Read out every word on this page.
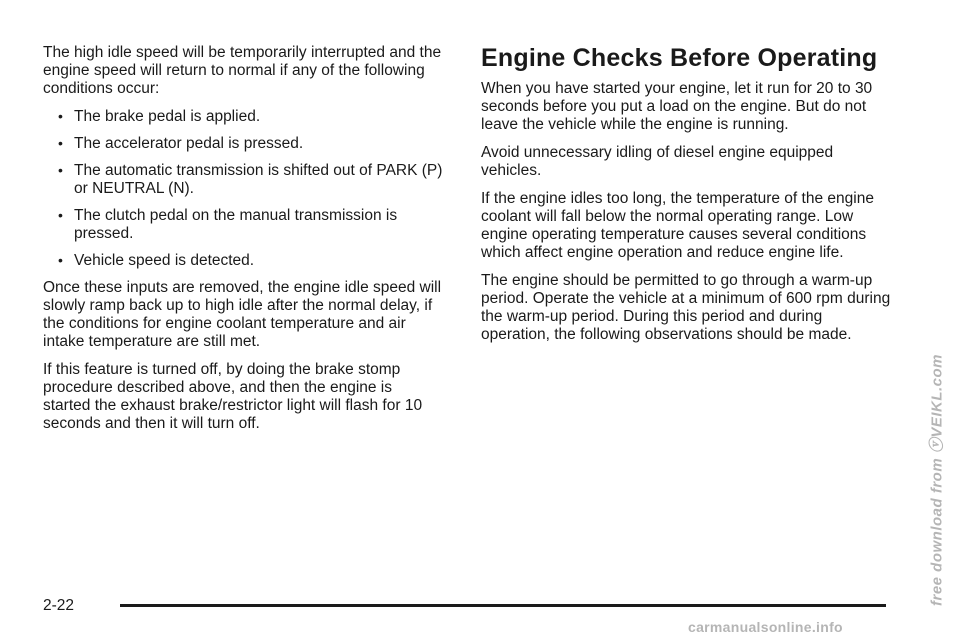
The high idle speed will be temporarily interrupted and the engine speed will return to normal if any of the following conditions occur:

• The brake pedal is applied.
• The accelerator pedal is pressed.
• The automatic transmission is shifted out of PARK (P) or NEUTRAL (N).
• The clutch pedal on the manual transmission is pressed.
• Vehicle speed is detected.

Once these inputs are removed, the engine idle speed will slowly ramp back up to high idle after the normal delay, if the conditions for engine coolant temperature and air intake temperature are still met.

If this feature is turned off, by doing the brake stomp procedure described above, and then the engine is started the exhaust brake/restrictor light will flash for 10 seconds and then it will turn off.

Engine Checks Before Operating

When you have started your engine, let it run for 20 to 30 seconds before you put a load on the engine. But do not leave the vehicle while the engine is running.

Avoid unnecessary idling of diesel engine equipped vehicles.

If the engine idles too long, the temperature of the engine coolant will fall below the normal operating range. Low engine operating temperature causes several conditions which affect engine operation and reduce engine life.

The engine should be permitted to go through a warm-up period. Operate the vehicle at a minimum of 600 rpm during the warm-up period. During this period and during operation, the following observations should be made.

2-22	free download from ⓥVEIKL.com
carmanualsonline.info
